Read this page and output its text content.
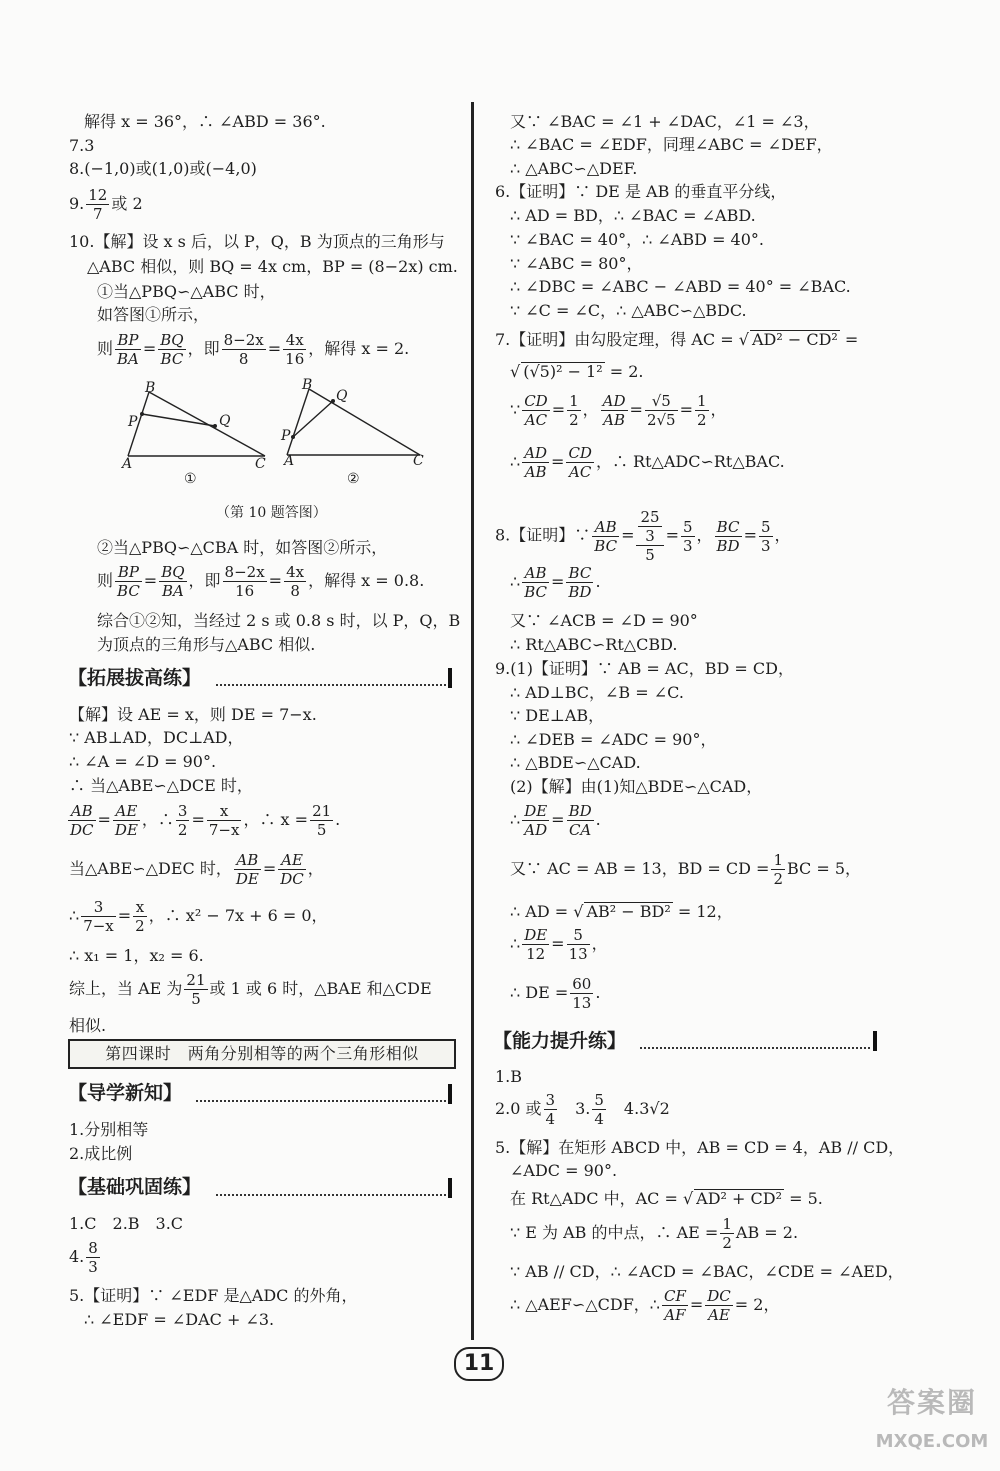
解得 x = 36°，∴ ∠ABD = 36°.
7.3
8.(−1,0)或(1,0)或(−4,0)
9. $\frac{12}{7}$ 或 2
10.【解】设 x s 后，以 P，Q，B 为顶点的三角形与
△ABC 相似，则 BQ = 4x cm，BP = (8−2x) cm.
①当△PBQ∽△ABC 时，
如答图①所示，
则 $\frac{BP}{BA} = \frac{BQ}{BC}$ ，即 $\frac{8-2x}{8} = \frac{4x}{16}$ ，解得 x = 2.
B
Q
P
A	C
①
B
Q
P
A	C
②
（第 10 题答图）
②当△PBQ∽△CBA 时，如答图②所示，
则 $\frac{BP}{BC} = \frac{BQ}{BA}$ ，即 $\frac{8-2x}{16} = \frac{4x}{8}$ ，解得 x = 0.8.
综合①②知，当经过 2 s 或 0.8 s 时，以 P，Q，B
为顶点的三角形与△ABC 相似.
【拓展拔高练】
【解】设 AE = x，则 DE = 7−x.
∵ AB⊥AD，DC⊥AD，
∴ ∠A = ∠D = 90°.
∴ 当△ABE∽△DCE 时，
$\frac{AB}{DC} = \frac{AE}{DE}$ ，∴ $\frac{3}{2} = \frac{x}{7-x}$ ，∴ $x = \frac{21}{5}$ .
当△ABE∽△DEC 时， $\frac{AB}{DE} = \frac{AE}{DC}$ ，
∴ $\frac{3}{7-x} = \frac{x}{2}$ ，∴ x² − 7x + 6 = 0，
∴ x₁ = 1，x₂ = 6.
综上，当 AE 为 $\frac{21}{5}$ 或 1 或 6 时，△BAE 和△CDE
相似.
第四课时　两角分别相等的两个三角形相似
【导学新知】
1.分别相等
2.成比例
【基础巩固练】
1.C　2.B　3.C
4. $\frac{8}{3}$
5.【证明】∵ ∠EDF 是△ADC 的外角，
∴ ∠EDF = ∠DAC + ∠3.
又∵ ∠BAC = ∠1 + ∠DAC，∠1 = ∠3，
∴ ∠BAC = ∠EDF，同理∠ABC = ∠DEF，
∴ △ABC∽△DEF.
6.【证明】∵ DE 是 AB 的垂直平分线，
∴ AD = BD，∴ ∠BAC = ∠ABD.
∵ ∠BAC = 40°，∴ ∠ABD = 40°.
∵ ∠ABC = 80°，
∴ ∠DBC = ∠ABC − ∠ABD = 40° = ∠BAC.
∵ ∠C = ∠C，∴ △ABC∽△BDC.
7.【证明】由勾股定理，得 AC = √ AD² − CD² =
√ (√5)² − 1² = 2.
∵ $\frac{CD}{AC} = \frac{1}{2}$ ， $\frac{AD}{AB} = \frac{√5}{2√5} = \frac{1}{2}$ ，
∴ $\frac{AD}{AB} = \frac{CD}{AC}$ ，∴ Rt△ADC∽Rt△BAC.
8.【证明】∵ $\frac{AB}{BC} = \frac{\frac{25}{3}}{5} = \frac{5}{3}$ ， $\frac{BC}{BD} = \frac{5}{3}$ ，
∴ $\frac{AB}{BC} = \frac{BC}{BD}$ .
又∵ ∠ACB = ∠D = 90°
∴ Rt△ABC∽Rt△CBD.
9.(1)【证明】∵ AB = AC，BD = CD，
∴ AD⊥BC，∠B = ∠C.
∵ DE⊥AB，
∴ ∠DEB = ∠ADC = 90°，
∴ △BDE∽△CAD.
(2)【解】由(1)知△BDE∽△CAD，
∴ $\frac{DE}{AD} = \frac{BD}{CA}$ .
又∵ AC = AB = 13，BD = CD = $\frac{1}{2}$ BC = 5，
∴ AD = √ AB² − BD² = 12，
∴ $\frac{DE}{12} = \frac{5}{13}$ ，
∴ DE = $\frac{60}{13}$ .
【能力提升练】
1.B
2.0 或 $\frac{3}{4}$ 　3. $\frac{5}{4}$ 　4.3√2
5.【解】在矩形 ABCD 中，AB = CD = 4，AB // CD，
∠ADC = 90°.
在 Rt△ADC 中，AC = √ AD² + CD² = 5.
∵ E 为 AB 的中点，∴ AE = $\frac{1}{2}$ AB = 2.
∵ AB // CD，∴ ∠ACD = ∠BAC，∠CDE = ∠AED，
∴ △AEF∽△CDF，∴ $\frac{CF}{AF} = \frac{DC}{AE} = 2$，
11
答案圈
MXQE.COM
